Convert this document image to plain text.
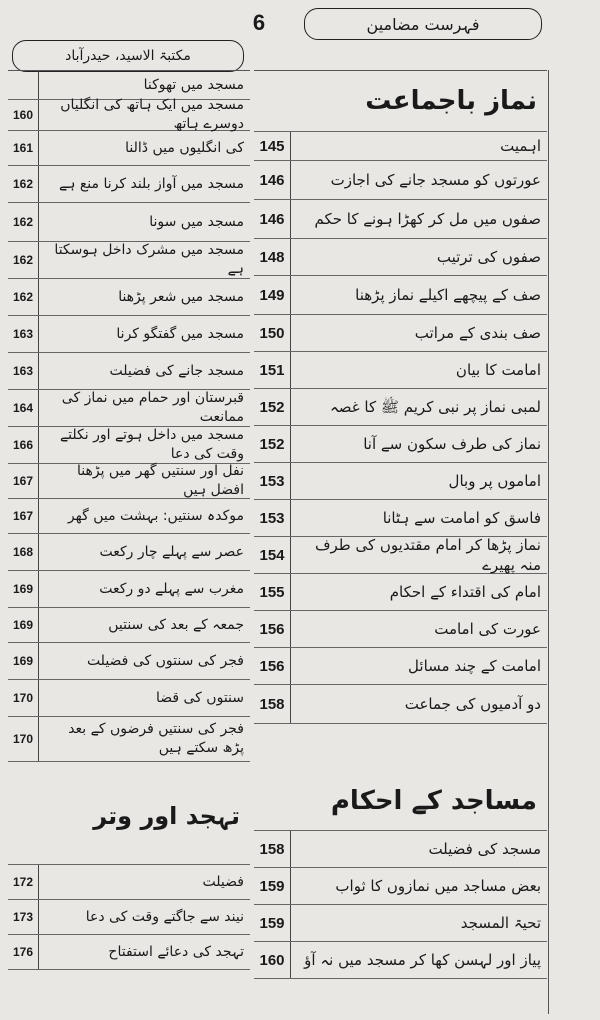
فہرست مضامین
6
مکتبۃ الاسید، حیدرآباد
نماز باجماعت
اہمیت
145
عورتوں کو مسجد جانے کی اجازت
146
صفوں میں مل کر کھڑا ہونے کا حکم
146
صفوں کی ترتیب
148
صف کے پیچھے اکیلے نماز پڑھنا
149
صف بندی کے مراتب
150
امامت کا بیان
151
لمبی نماز پر نبی کریم ﷺ کا غصہ
152
نماز کی طرف سکون سے آنا
152
اماموں پر وبال
153
فاسق کو امامت سے ہٹانا
153
نماز پڑھا کر امام مقتدیوں کی طرف منہ پھیرے
154
امام کی اقتداء کے احکام
155
عورت کی امامت
156
امامت کے چند مسائل
156
دو آدمیوں کی جماعت
158
مساجد کے احکام
مسجد کی فضیلت
158
بعض مساجد میں نمازوں کا ثواب
159
تحیۃ المسجد
159
پیاز اور لہسن کھا کر مسجد میں نہ آؤ
160
مسجد میں تھوکنا
مسجد میں ایک ہاتھ کی انگلیاں دوسرے ہاتھ
160
کی انگلیوں میں ڈالنا
161
مسجد میں آواز بلند کرنا منع ہے
162
مسجد میں سونا
162
مسجد میں مشرک داخل ہوسکتا ہے
162
مسجد میں شعر پڑھنا
162
مسجد میں گفتگو کرنا
163
مسجد جانے کی فضیلت
163
قبرستان اور حمام میں نماز کی ممانعت
164
مسجد میں داخل ہوتے اور نکلتے وقت کی دعا
166
نفل اور سنتیں گھر میں پڑھنا افضل ہیں
167
موکدہ سنتیں: بہشت میں گھر
167
عصر سے پہلے چار رکعت
168
مغرب سے پہلے دو رکعت
169
جمعہ کے بعد کی سنتیں
169
فجر کی سنتوں کی فضیلت
169
سنتوں کی قضا
170
فجر کی سنتیں فرضوں کے بعد پڑھ سکتے ہیں
170
تہجد اور وتر
فضیلت
172
نیند سے جاگتے وقت کی دعا
173
تہجد کی دعائے استفتاح
176
